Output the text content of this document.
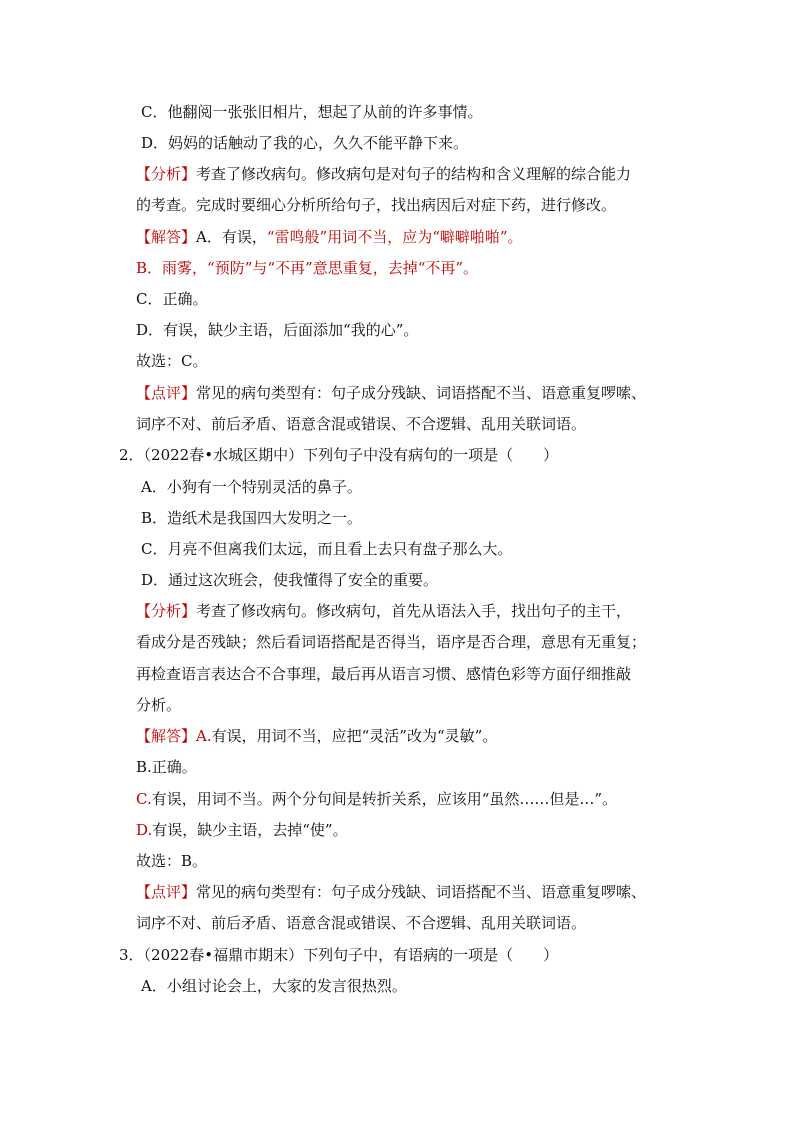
C．他翻阅一张张旧相片，想起了从前的许多事情。
D．妈妈的话触动了我的心，久久不能平静下来。
【分析】考查了修改病句。修改病句是对句子的结构和含义理解的综合能力
的考查。完成时要细心分析所给句子，找出病因后对症下药，进行修改。
【解答】A．有误，“雷鸣般”用词不当，应为“噼噼啪啪”。
B．雨雾，“预防”与“不再”意思重复，去掉“不再”。
C．正确。
D．有误，缺少主语，后面添加“我的心”。
故选：C。
【点评】常见的病句类型有：句子成分残缺、词语搭配不当、语意重复啰嗦、
词序不对、前后矛盾、语意含混或错误、不合逻辑、乱用关联词语。
2．（2022春•水城区期中）下列句子中没有病句的一项是（　　）
A．小狗有一个特别灵活的鼻子。
B．造纸术是我国四大发明之一。
C．月亮不但离我们太远，而且看上去只有盘子那么大。
D．通过这次班会，使我懂得了安全的重要。
【分析】考查了修改病句。修改病句，首先从语法入手，找出句子的主干，
看成分是否残缺；然后看词语搭配是否得当，语序是否合理，意思有无重复；
再检查语言表达合不合事理，最后再从语言习惯、感情色彩等方面仔细推敲
分析。
【解答】A.有误，用词不当，应把“灵活”改为“灵敏”。
B.正确。
C.有误，用词不当。两个分句间是转折关系，应该用“虽然……但是…”。
D.有误，缺少主语，去掉“使”。
故选：B。
【点评】常见的病句类型有：句子成分残缺、词语搭配不当、语意重复啰嗦、
词序不对、前后矛盾、语意含混或错误、不合逻辑、乱用关联词语。
3．（2022春•福鼎市期末）下列句子中，有语病的一项是（　　）
A．小组讨论会上，大家的发言很热烈。
